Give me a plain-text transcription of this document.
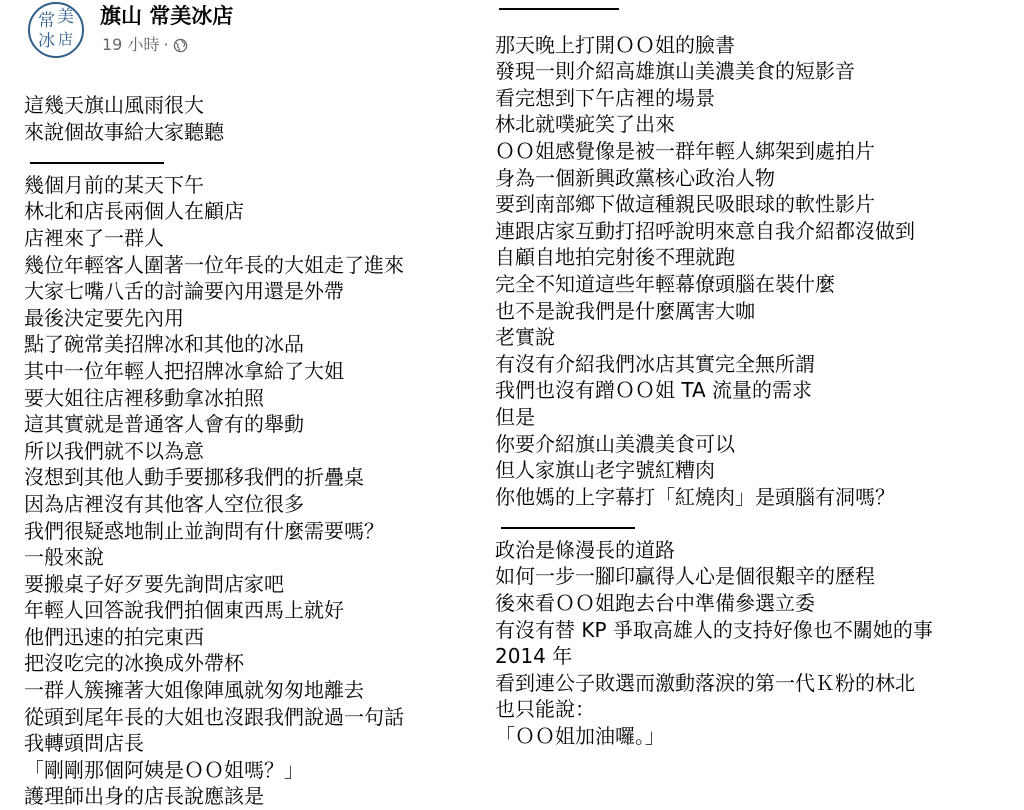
常 美
冰 店
旗山 常美冰店
19 小時 ·
這幾天旗山風雨很大
來說個故事給大家聽聽
幾個月前的某天下午
林北和店長兩個人在顧店
店裡來了一群人
幾位年輕客人圍著一位年長的大姐走了進來
大家七嘴八舌的討論要內用還是外帶
最後決定要先內用
點了碗常美招牌冰和其他的冰品
其中一位年輕人把招牌冰拿給了大姐
要大姐往店裡移動拿冰拍照
這其實就是普通客人會有的舉動
所以我們就不以為意
沒想到其他人動手要挪移我們的折疊桌
因為店裡沒有其他客人空位很多
我們很疑惑地制止並詢問有什麼需要嗎？
一般來說
要搬桌子好歹要先詢問店家吧
年輕人回答說我們拍個東西馬上就好
他們迅速的拍完東西
把沒吃完的冰換成外帶杯
一群人簇擁著大姐像陣風就匆匆地離去
從頭到尾年長的大姐也沒跟我們說過一句話
我轉頭問店長
「剛剛那個阿姨是ＯＯ姐嗎？」
護理師出身的店長說應該是
那天晚上打開ＯＯ姐的臉書
發現一則介紹高雄旗山美濃美食的短影音
看完想到下午店裡的場景
林北就噗疵笑了出來
ＯＯ姐感覺像是被一群年輕人綁架到處拍片
身為一個新興政黨核心政治人物
要到南部鄉下做這種親民吸眼球的軟性影片
連跟店家互動打招呼說明來意自我介紹都沒做到
自顧自地拍完射後不理就跑
完全不知道這些年輕幕僚頭腦在裝什麼
也不是說我們是什麼厲害大咖
老實說
有沒有介紹我們冰店其實完全無所謂
我們也沒有蹭ＯＯ姐 TA 流量的需求
但是
你要介紹旗山美濃美食可以
但人家旗山老字號紅糟肉
你他媽的上字幕打「紅燒肉」是頭腦有洞嗎？
政治是條漫長的道路
如何一步一腳印贏得人心是個很艱辛的歷程
後來看ＯＯ姐跑去台中準備參選立委
有沒有替 KP 爭取高雄人的支持好像也不關她的事
2014 年
看到連公子敗選而激動落淚的第一代Ｋ粉的林北
也只能說：
「ＯＯ姐加油囉。」
